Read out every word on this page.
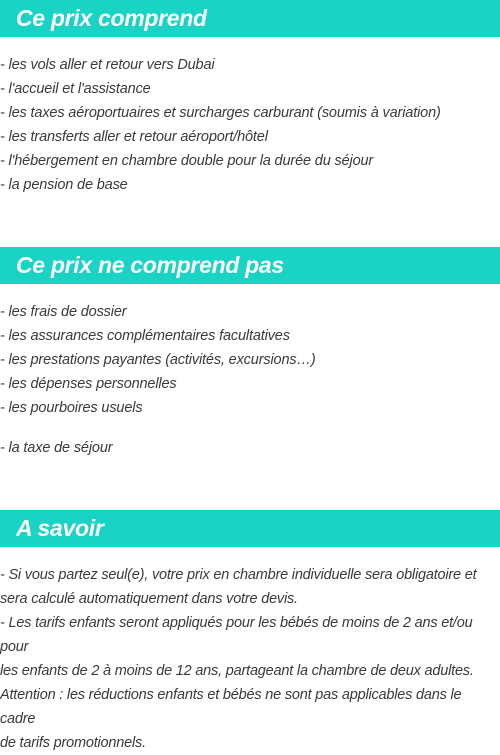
Ce prix comprend
- les vols aller et retour vers Dubai
- l'accueil et l'assistance
- les taxes aéroportuaires et surcharges carburant (soumis à variation)
- les transferts aller et retour aéroport/hôtel
- l'hébergement en chambre double pour la durée du séjour
- la pension de base
Ce prix ne comprend pas
- les frais de dossier
- les assurances complémentaires facultatives
- les prestations payantes (activités, excursions…)
- les dépenses personnelles
- les pourboires usuels
- la taxe de séjour
A savoir
- Si vous partez seul(e), votre prix en chambre individuelle sera obligatoire et
sera calculé automatiquement dans votre devis.
- Les tarifs enfants seront appliqués pour les bébés de moins de 2 ans et/ou pour
les enfants de 2 à moins de 12 ans, partageant la chambre de deux adultes.
Attention : les réductions enfants et bébés ne sont pas applicables dans le cadre
de tarifs promotionnels.
